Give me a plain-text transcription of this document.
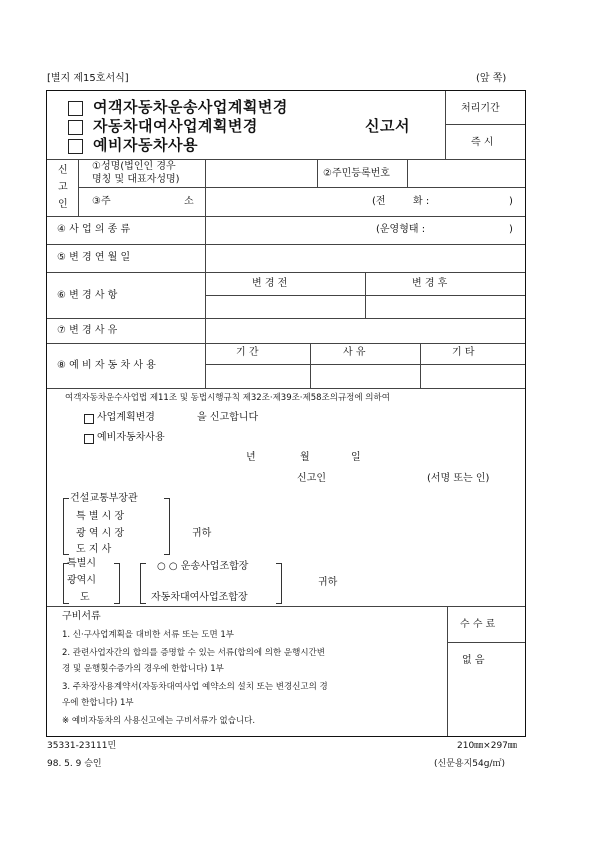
[별지 제15호서식]	(앞 쪽)
여객자동차운송사업계획변경
자동차대여사업계획변경	신고서
예비자동차사용
처리기간
즉 시
신
고
인
①성명(법인인 경우
명칭 및 대표자성명)
②주민등록번호
③주	소	(전	화 :	)
④ 사 업 의 종 류	(운영형태 :	)
⑤ 변 경 연 월 일
⑥ 변 경 사 항
변 경 전	변 경 후
⑦ 변 경 사 유
⑧ 예 비 자 동 차 사 용
기 간	사 유	기 타
여객자동차운수사업법 제11조 및 동법시행규칙 제32조·제39조·제58조의규정에 의하여
사업계획변경	을 신고합니다
예비자동차사용
년	월	일
신고인	(서명 또는 인)
건설교통부장관
특 별 시 장
광 역 시 장
도 지 사
귀하
특별시
광역시
도
○ ○ 운송사업조합장
자동차대여사업조합장
귀하
구비서류
1. 신·구사업계획을 대비한 서류 또는 도면 1부
2. 관련사업자간의 합의를 증명할 수 있는 서류(합의에 의한 운행시간변
경 및 운행횟수증가의 경우에 한합니다) 1부
3. 주차장사용계약서(자동차대여사업 예약소의 설치 또는 변경신고의 경
우에 한합니다) 1부
※ 예비자동차의 사용신고에는 구비서류가 없습니다.
수 수 료
없 음
35331-23111민
98. 5. 9 승인
210㎜×297㎜
(신문용지54g/㎡)
